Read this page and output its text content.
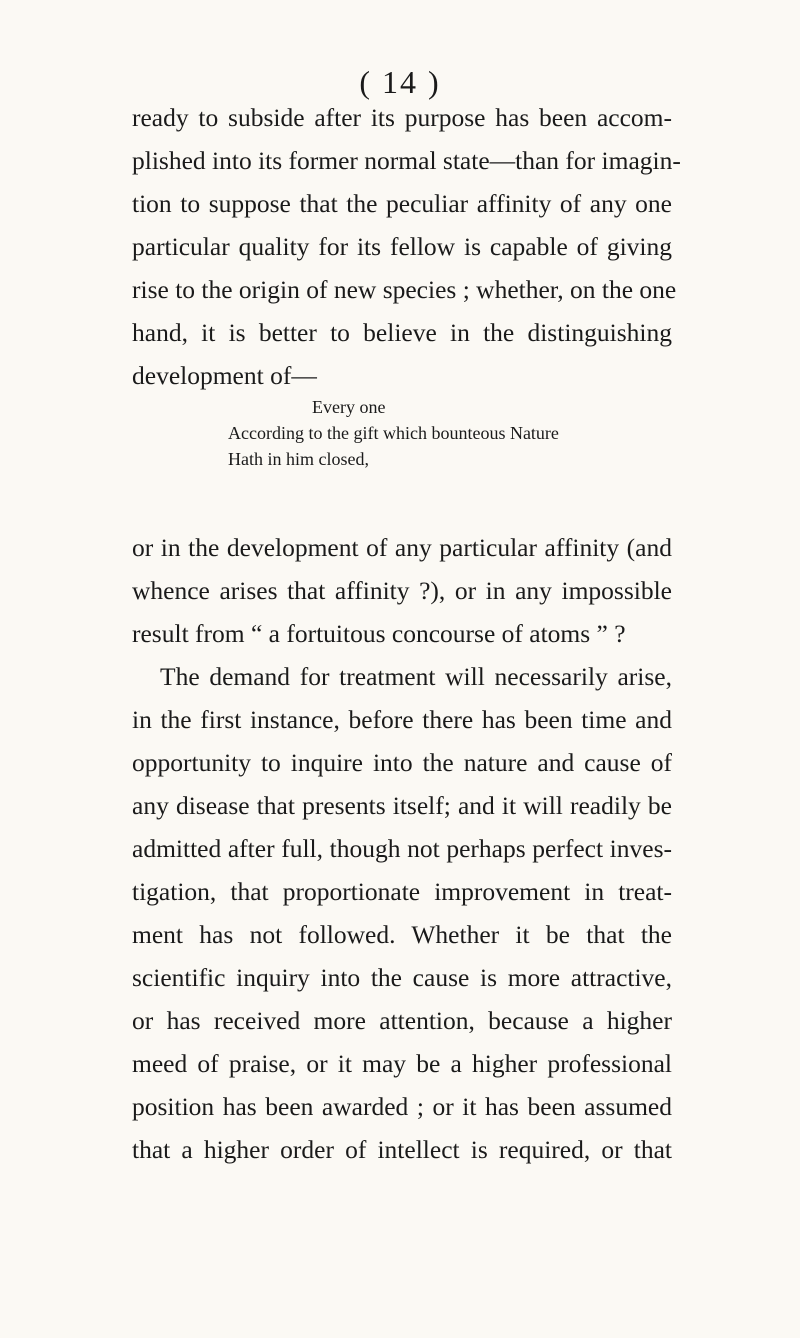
( 14 )
ready to subside after its purpose has been accom-
plished into its former normal state—than for imagin-
tion to suppose that the peculiar affinity of any one
particular quality for its fellow is capable of giving
rise to the origin of new species ; whether, on the one
hand, it is better to believe in the distinguishing
development of—
Every one
According to the gift which bounteous Nature
Hath in him closed,
or in the development of any particular affinity (and
whence arises that affinity ?), or in any impossible
result from “ a fortuitous concourse of atoms ” ?
The demand for treatment will necessarily arise,
in the first instance, before there has been time and
opportunity to inquire into the nature and cause of
any disease that presents itself; and it will readily be
admitted after full, though not perhaps perfect inves-
tigation, that proportionate improvement in treat-
ment has not followed. Whether it be that the
scientific inquiry into the cause is more attractive,
or has received more attention, because a higher
meed of praise, or it may be a higher professional
position has been awarded ; or it has been assumed
that a higher order of intellect is required, or that
